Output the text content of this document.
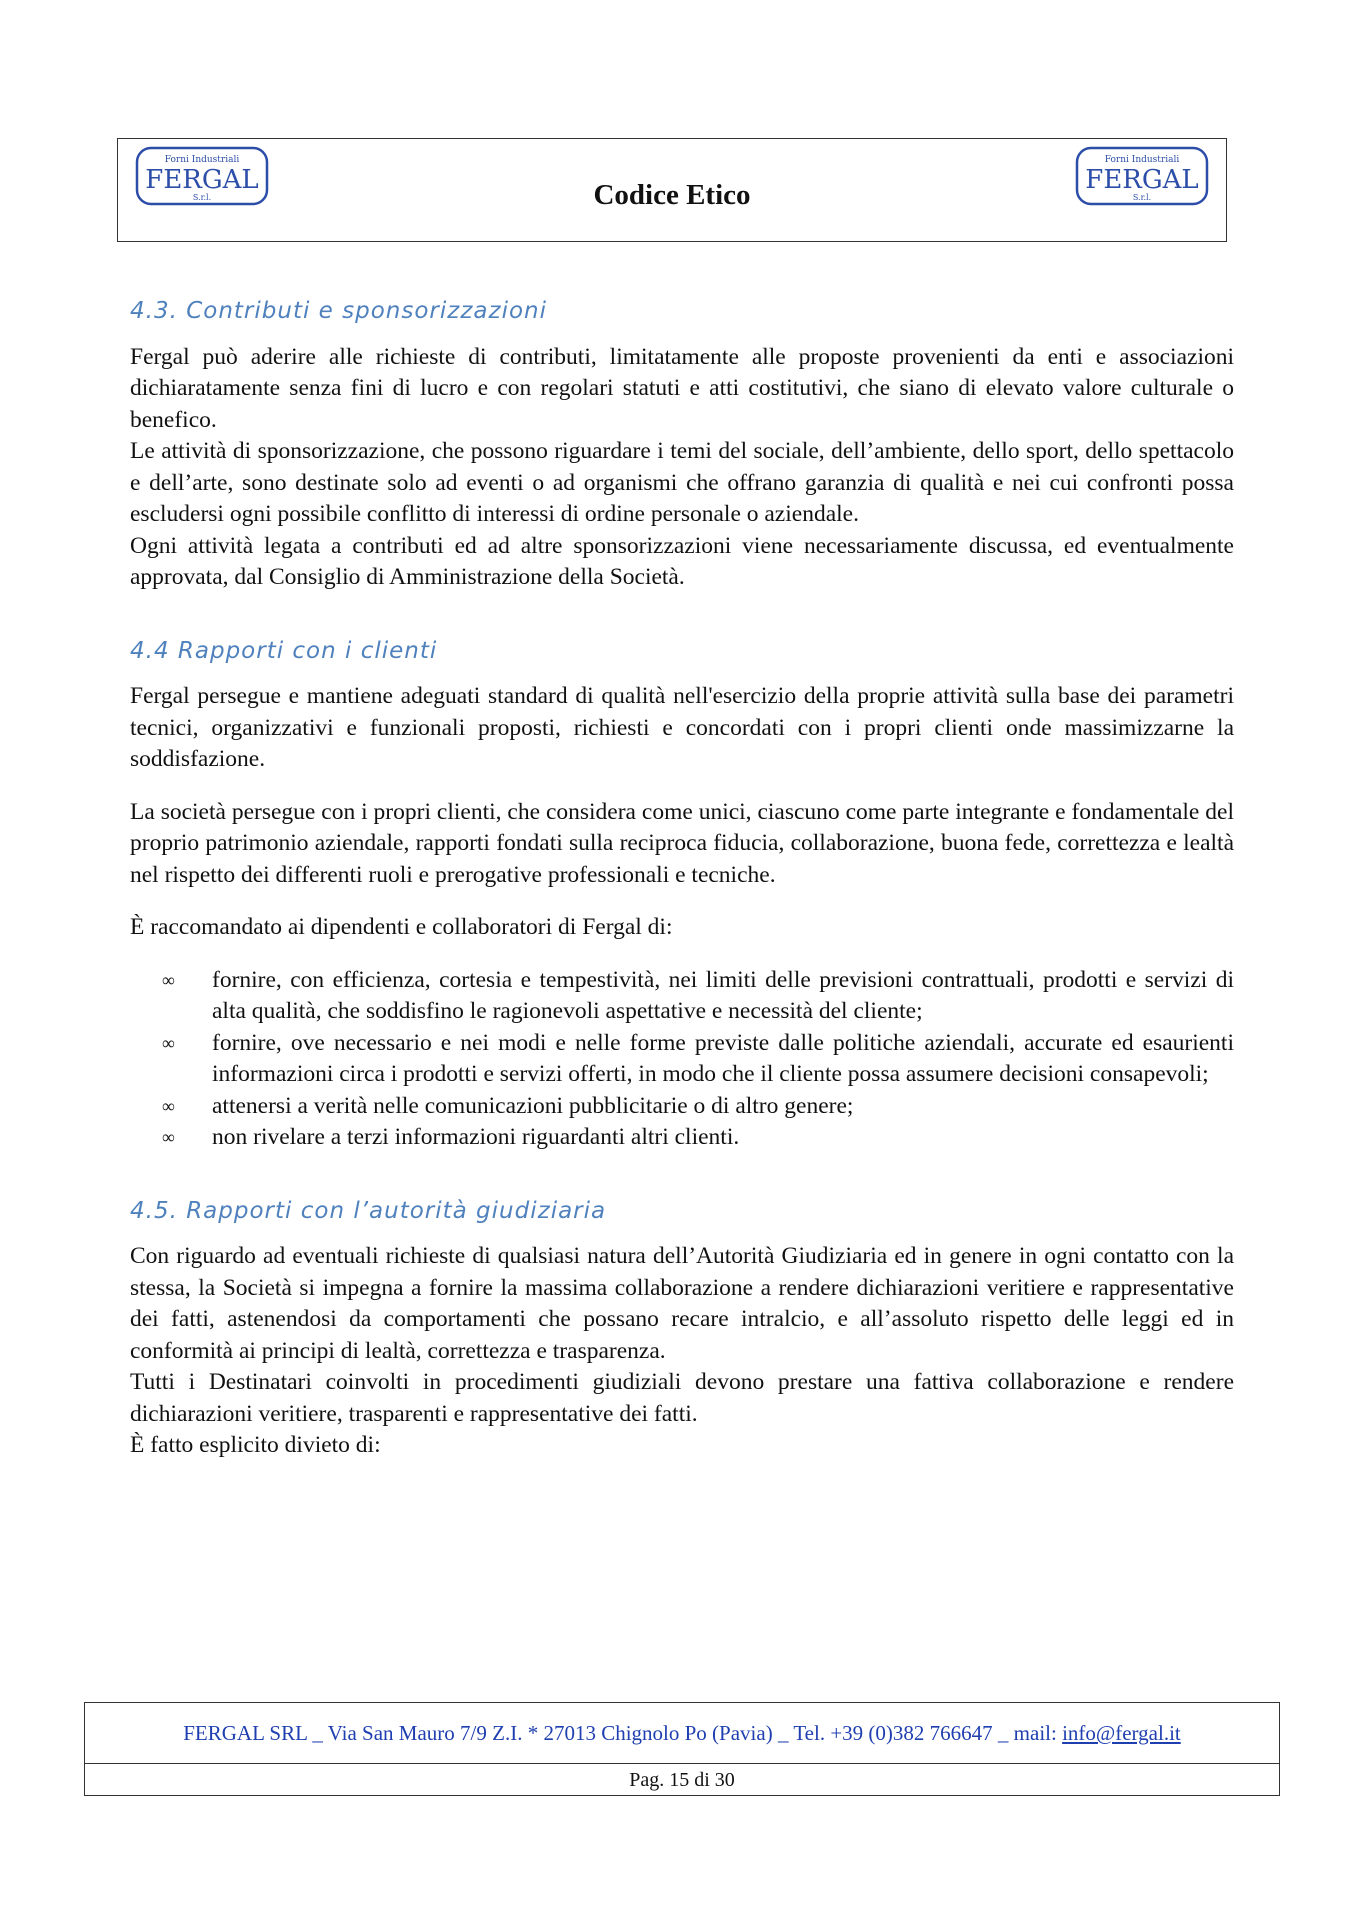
Forni Industriali
FERGAL
S.r.l.	Codice Etico
Forni Industriali
FERGAL
S.r.l.
4.3. Contributi e sponsorizzazioni

Fergal può aderire alle richieste di contributi, limitatamente alle proposte provenienti da enti e associazioni dichiaratamente senza fini di lucro e con regolari statuti e atti costitutivi, che siano di elevato valore culturale o benefico.

Le attività di sponsorizzazione, che possono riguardare i temi del sociale, dell’ambiente, dello sport, dello spettacolo e dell’arte, sono destinate solo ad eventi o ad organismi che offrano garanzia di qualità e nei cui confronti possa escludersi ogni possibile conflitto di interessi di ordine personale o aziendale.

Ogni attività legata a contributi ed ad altre sponsorizzazioni viene necessariamente discussa, ed eventualmente approvata, dal Consiglio di Amministrazione della Società.

4.4 Rapporti con i clienti

Fergal persegue e mantiene adeguati standard di qualità nell'esercizio della proprie attività sulla base dei parametri tecnici, organizzativi e funzionali proposti, richiesti e concordati con i propri clienti onde massimizzarne la soddisfazione.

La società persegue con i propri clienti, che considera come unici, ciascuno come parte integrante e fondamentale del proprio patrimonio aziendale, rapporti fondati sulla reciproca fiducia, collaborazione, buona fede, correttezza e lealtà nel rispetto dei differenti ruoli e prerogative professionali e tecniche.

È raccomandato ai dipendenti e collaboratori di Fergal di:

∞ fornire, con efficienza, cortesia e tempestività, nei limiti delle previsioni contrattuali, prodotti e servizi di alta qualità, che soddisfino le ragionevoli aspettative e necessità del cliente;
∞ fornire, ove necessario e nei modi e nelle forme previste dalle politiche aziendali, accurate ed esaurienti informazioni circa i prodotti e servizi offerti, in modo che il cliente possa assumere decisioni consapevoli;
∞ attenersi a verità nelle comunicazioni pubblicitarie o di altro genere;
∞ non rivelare a terzi informazioni riguardanti altri clienti.
4.5. Rapporti con l’autorità giudiziaria

Con riguardo ad eventuali richieste di qualsiasi natura dell’Autorità Giudiziaria ed in genere in ogni contatto con la stessa, la Società si impegna a fornire la massima collaborazione a rendere dichiarazioni veritiere e rappresentative dei fatti, astenendosi da comportamenti che possano recare intralcio, e all’assoluto rispetto delle leggi ed in conformità ai principi di lealtà, correttezza e trasparenza.

Tutti i Destinatari coinvolti in procedimenti giudiziali devono prestare una fattiva collaborazione e rendere dichiarazioni veritiere, trasparenti e rappresentative dei fatti.

È fatto esplicito divieto di:

FERGAL SRL _ Via San Mauro 7/9 Z.I. * 27013 Chignolo Po (Pavia) _ Tel. +39 (0)382 766647 _ mail: info@fergal.it
Pag. 15 di 30
